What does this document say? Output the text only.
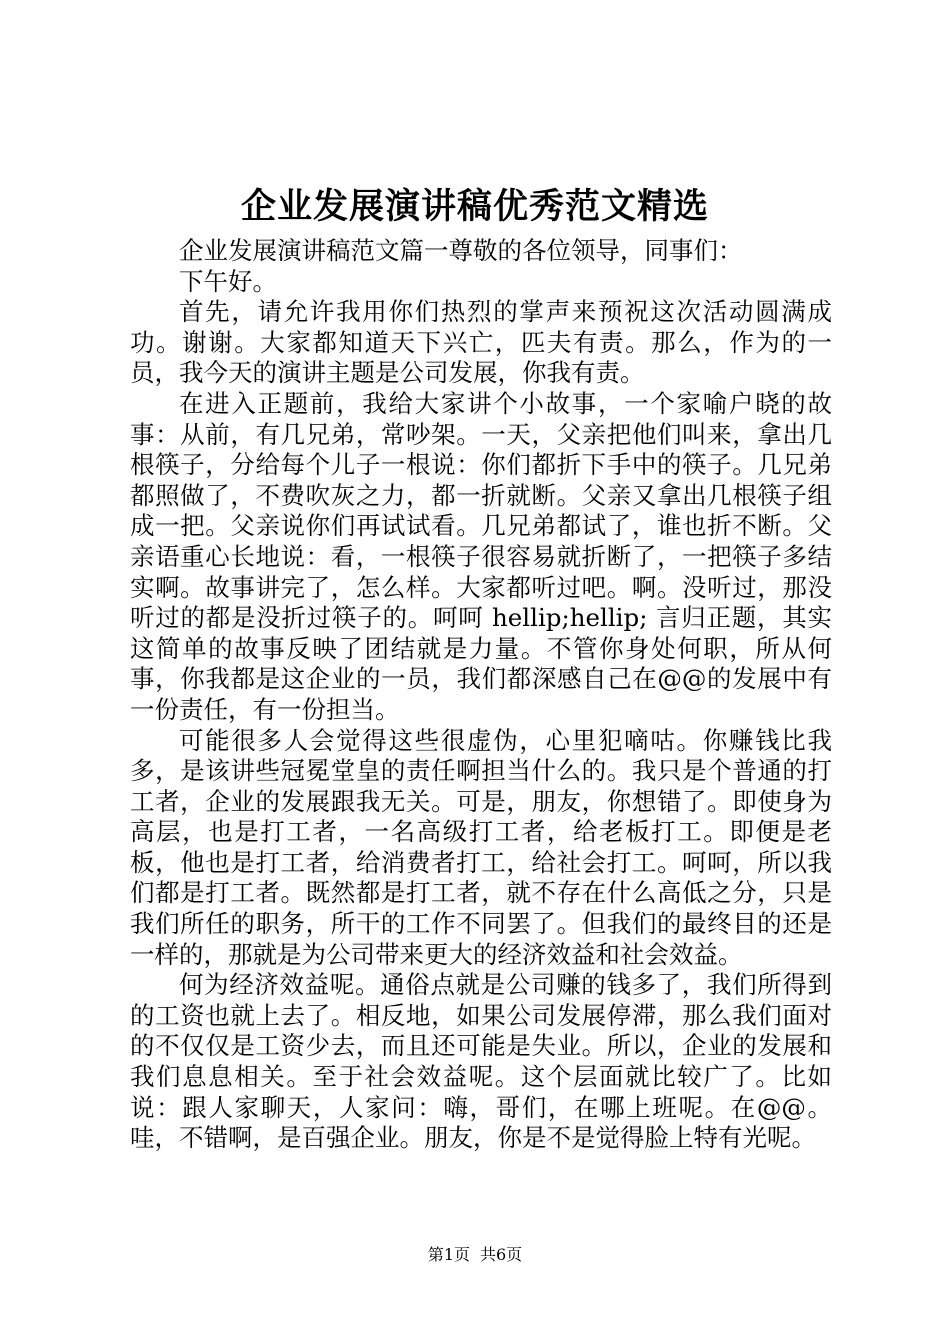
企业发展演讲稿优秀范文精选

企业发展演讲稿范文篇一尊敬的各位领导，同事们：

下午好。

首先，请允许我用你们热烈的掌声来预祝这次活动圆满成功。谢谢。大家都知道天下兴亡，匹夫有责。那么，作为的一员，我今天的演讲主题是公司发展，你我有责。

在进入正题前，我给大家讲个小故事，一个家喻户晓的故事：从前，有几兄弟，常吵架。一天，父亲把他们叫来，拿出几根筷子，分给每个儿子一根说：你们都折下手中的筷子。几兄弟都照做了，不费吹灰之力，都一折就断。父亲又拿出几根筷子组成一把。父亲说你们再试试看。几兄弟都试了，谁也折不断。父亲语重心长地说：看，一根筷子很容易就折断了，一把筷子多结实啊。故事讲完了，怎么样。大家都听过吧。啊。没听过，那没听过的都是没折过筷子的。呵呵 hellip;hellip; 言归正题，其实这简单的故事反映了团结就是力量。不管你身处何职，所从何事，你我都是这企业的一员，我们都深感自己在@@的发展中有一份责任，有一份担当。

可能很多人会觉得这些很虚伪，心里犯嘀咕。你赚钱比我多，是该讲些冠冕堂皇的责任啊担当什么的。我只是个普通的打工者，企业的发展跟我无关。可是，朋友，你想错了。即使身为高层，也是打工者，一名高级打工者，给老板打工。即便是老板，他也是打工者，给消费者打工，给社会打工。呵呵，所以我们都是打工者。既然都是打工者，就不存在什么高低之分，只是我们所任的职务，所干的工作不同罢了。但我们的最终目的还是一样的，那就是为公司带来更大的经济效益和社会效益。

何为经济效益呢。通俗点就是公司赚的钱多了，我们所得到的工资也就上去了。相反地，如果公司发展停滞，那么我们面对的不仅仅是工资少去，而且还可能是失业。所以，企业的发展和我们息息相关。至于社会效益呢。这个层面就比较广了。比如说：跟人家聊天，人家问：嗨，哥们，在哪上班呢。在@@。哇，不错啊，是百强企业。朋友，你是不是觉得脸上特有光呢。

第1页 共6页
